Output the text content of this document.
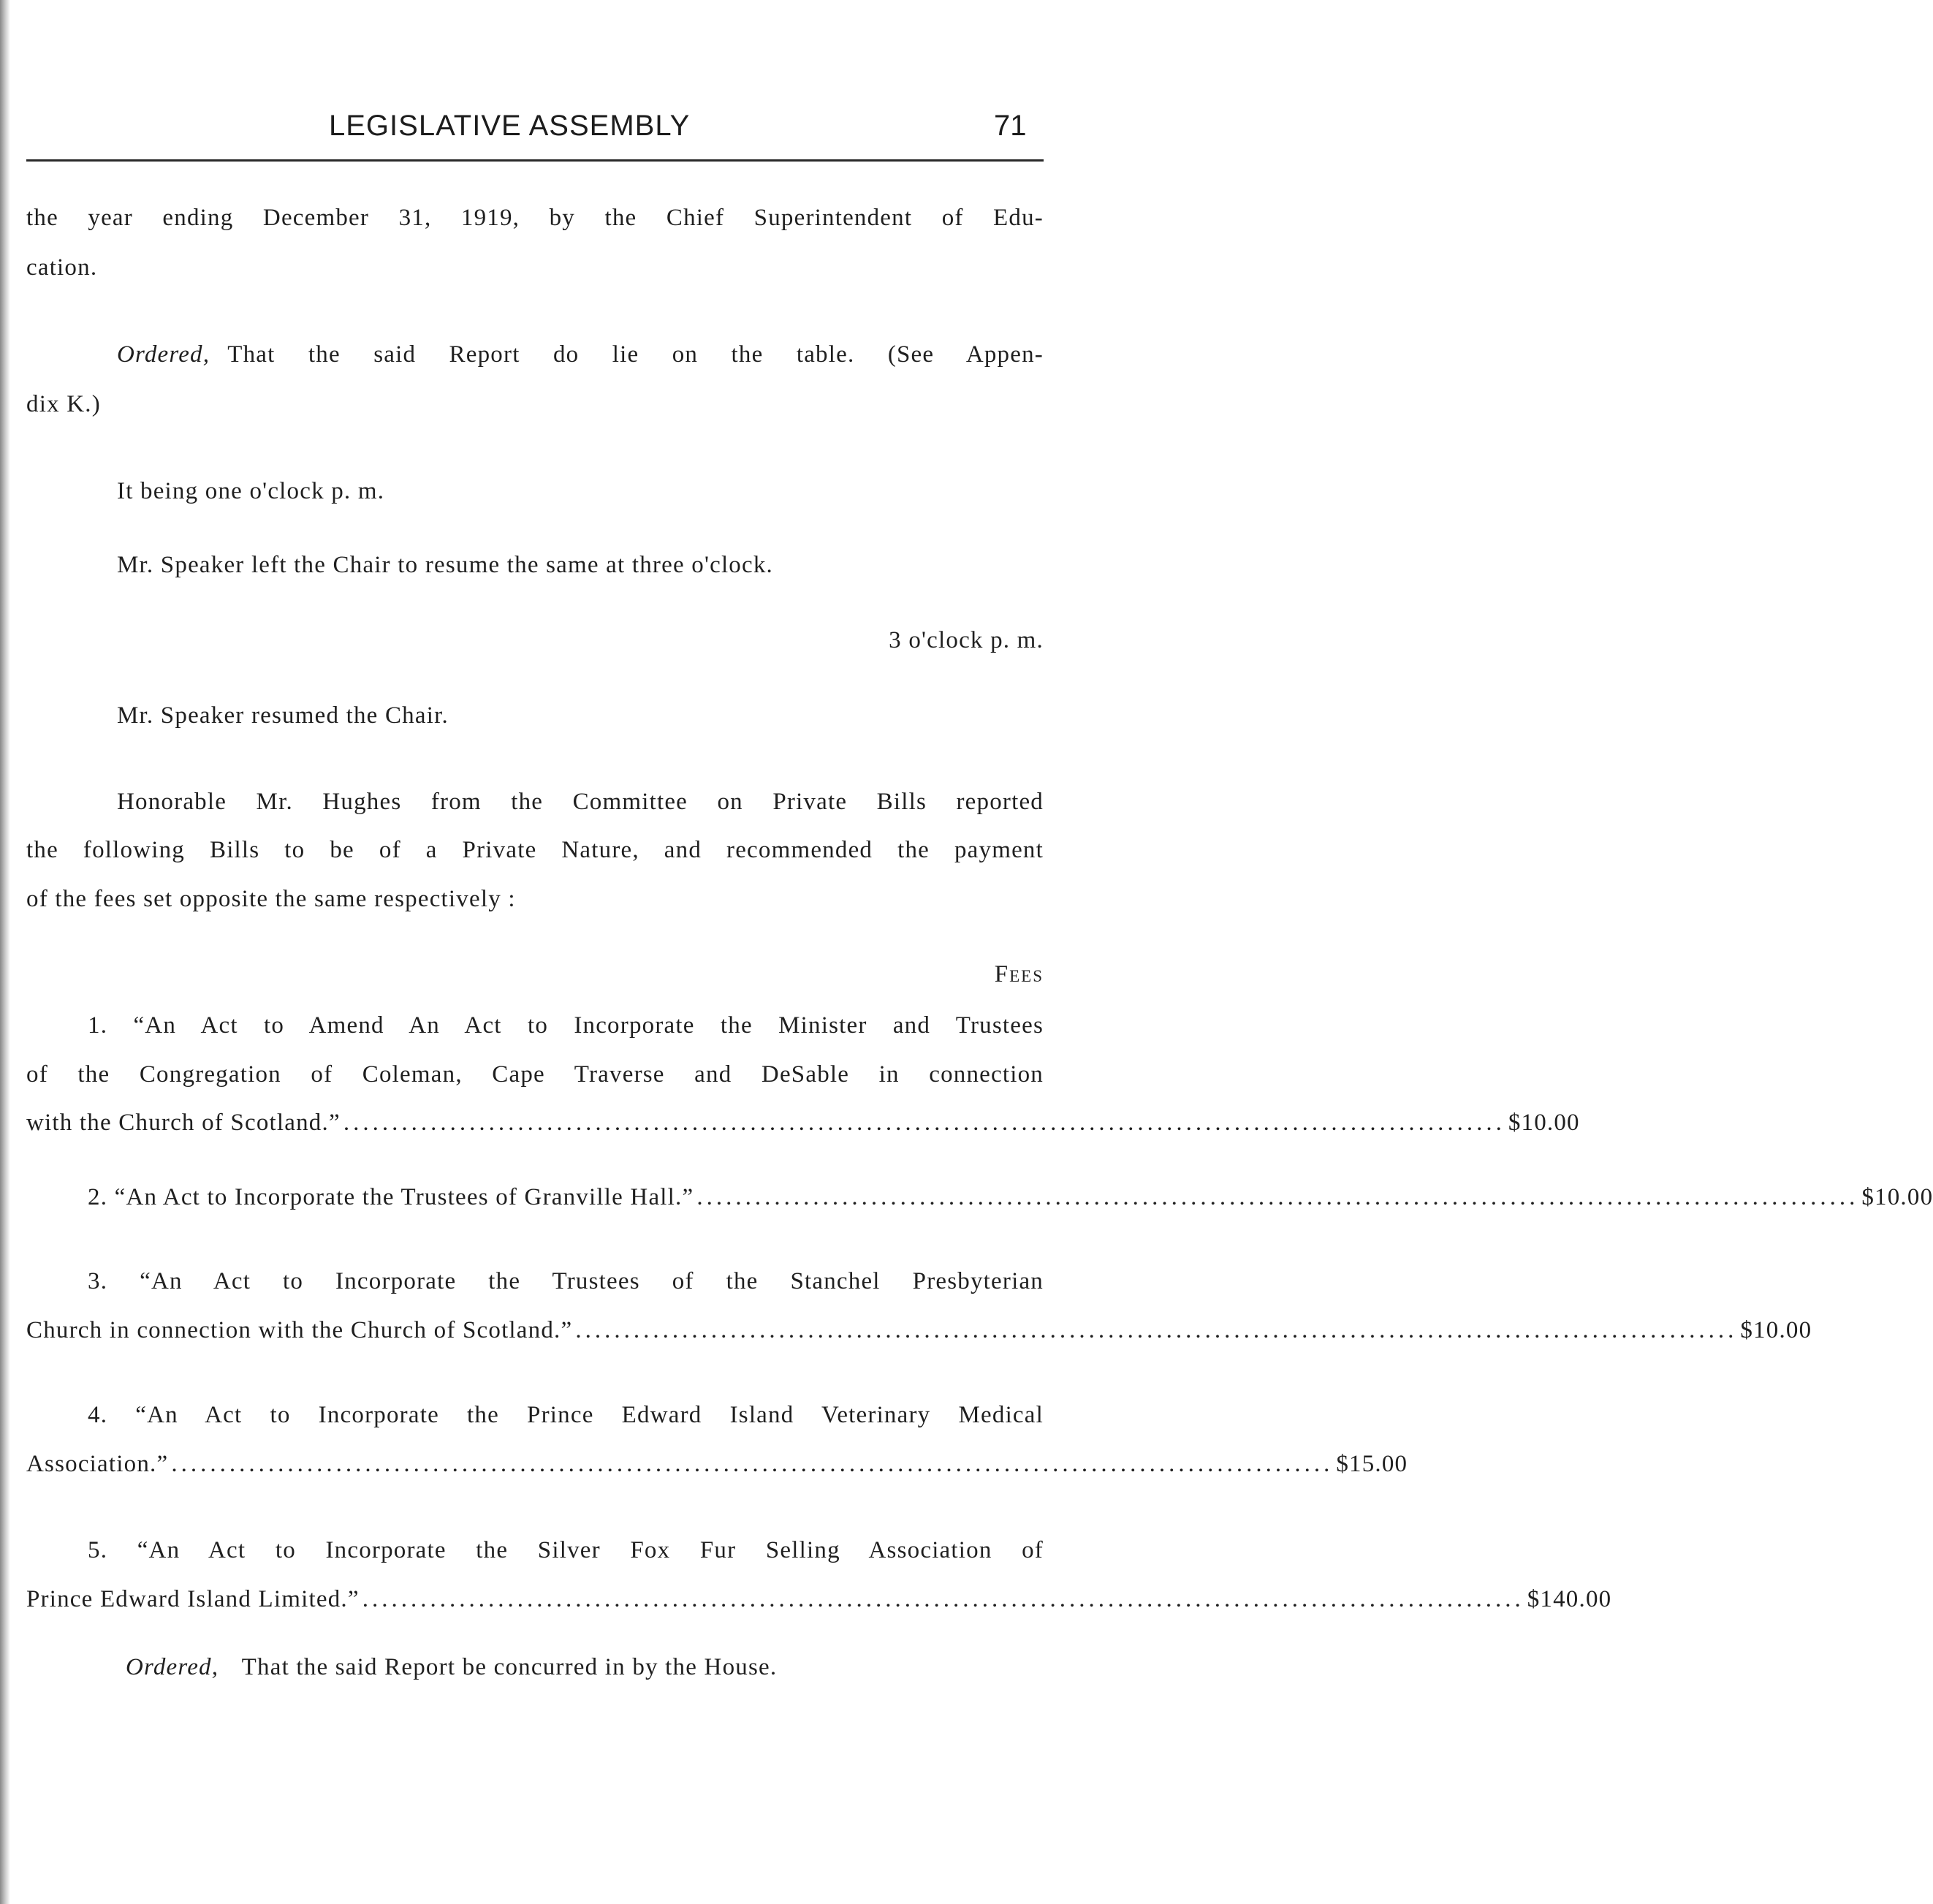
LEGISLATIVE ASSEMBLY	71
the year ending December 31, 1919, by the Chief Superintendent of Edu-
cation.
Ordered, That the said Report do lie on the table. (See Appen-
dix K.)
It being one o'clock p. m.
Mr. Speaker left the Chair to resume the same at three o'clock.
3 o'clock p. m.
Mr. Speaker resumed the Chair.
Honorable Mr. Hughes from the Committee on Private Bills reported
the following Bills to be of a Private Nature, and recommended the payment
of the fees set opposite the same respectively :
Fees
1. “An Act to Amend An Act to Incorporate the Minister and Trustees
of the Congregation of Coleman, Cape Traverse and DeSable in connection
with the Church of Scotland.” ........................................................................................................................ $10.00
2. “An Act to Incorporate the Trustees of Granville Hall.” ........................................................................................................................ $10.00
3. “An Act to Incorporate the Trustees of the Stanchel Presbyterian
Church in connection with the Church of Scotland.” ........................................................................................................................ $10.00
4. “An Act to Incorporate the Prince Edward Island Veterinary Medical
Association.” ........................................................................................................................ $15.00
5. “An Act to Incorporate the Silver Fox Fur Selling Association of
Prince Edward Island Limited.” ........................................................................................................................ $140.00
Ordered, That the said Report be concurred in by the House.
